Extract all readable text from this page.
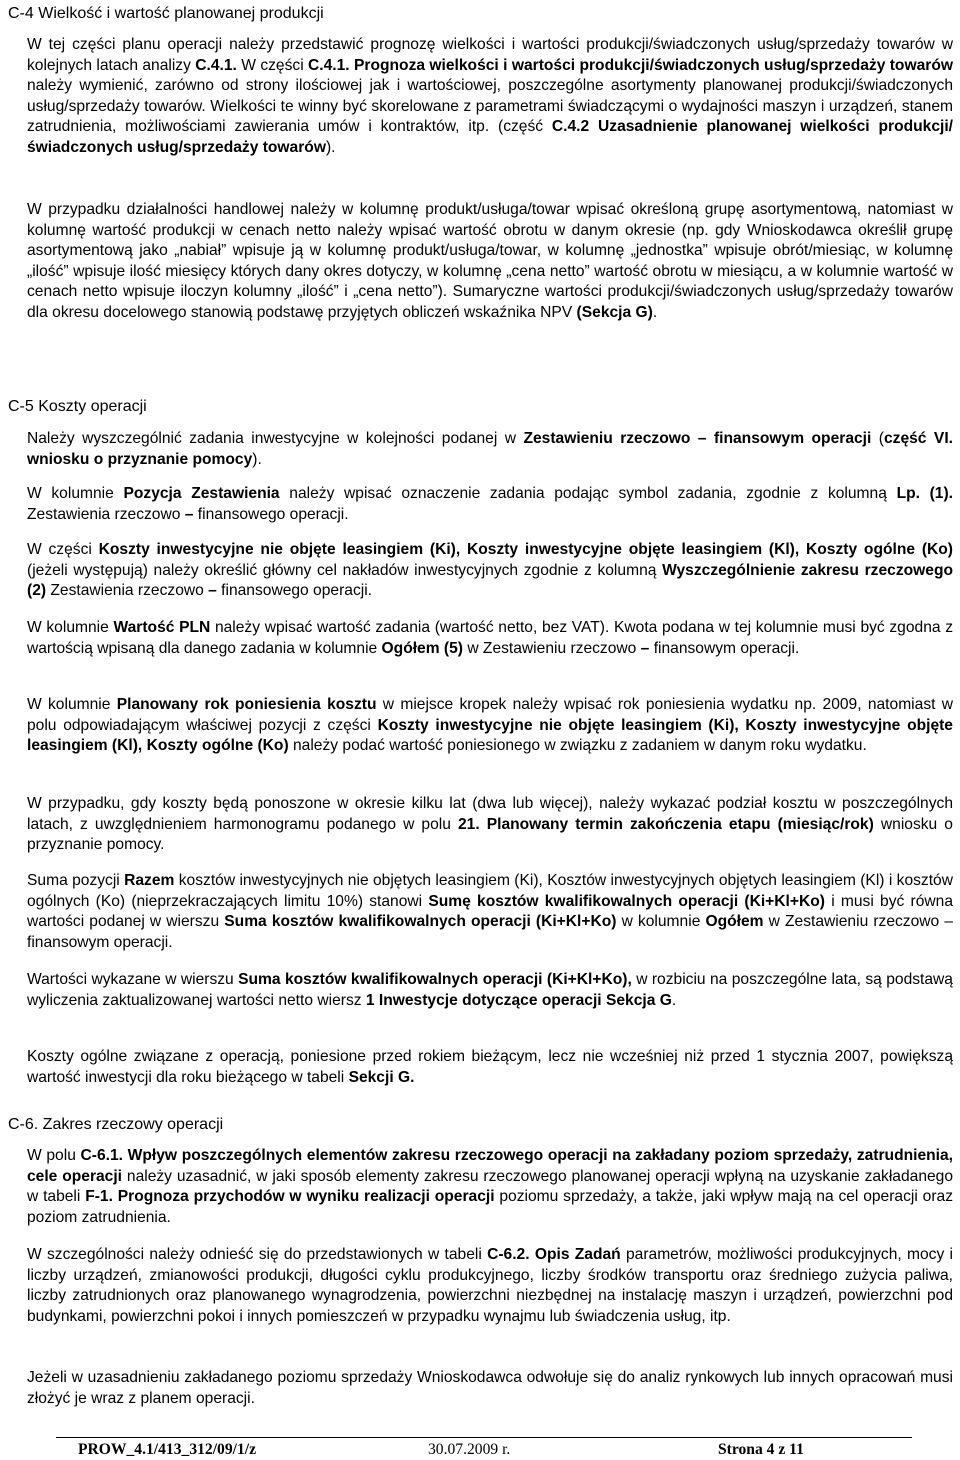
C-4 Wielkość i wartość planowanej produkcji

W tej części planu operacji należy przedstawić prognozę wielkości i wartości produkcji/świadczonych usług/sprzedaży towarów w kolejnych latach analizy C.4.1. W części C.4.1. Prognoza wielkości i wartości produkcji/świadczonych usług/sprzedaży towarów należy wymienić, zarówno od strony ilościowej jak i wartościowej, poszczególne asortymenty planowanej produkcji/świadczonych usług/sprzedaży towarów. Wielkości te winny być skorelowane z parametrami świadczącymi o wydajności maszyn i urządzeń, stanem zatrudnienia, możliwościami zawierania umów i kontraktów, itp. (część C.4.2 Uzasadnienie planowanej wielkości produkcji/świadczonych usług/sprzedaży towarów).

W przypadku działalności handlowej należy w kolumnę produkt/usługa/towar wpisać określoną grupę asortymentową, natomiast w kolumnę wartość produkcji w cenach netto należy wpisać wartość obrotu w danym okresie (np. gdy Wnioskodawca określił grupę asortymentową jako „nabiał” wpisuje ją w kolumnę produkt/usługa/towar, w kolumnę „jednostka” wpisuje obrót/miesiąc, w kolumnę „ilość” wpisuje ilość miesięcy których dany okres dotyczy, w kolumnę „cena netto” wartość obrotu w miesiącu, a w kolumnie wartość w cenach netto wpisuje iloczyn kolumny „ilość” i „cena netto”). Sumaryczne wartości produkcji/świadczonych usług/sprzedaży towarów dla okresu docelowego stanowią podstawę przyjętych obliczeń wskaźnika NPV (Sekcja G).

C-5 Koszty operacji

Należy wyszczególnić zadania inwestycyjne w kolejności podanej w Zestawieniu rzeczowo – finansowym operacji (część VI. wniosku o przyznanie pomocy).

W kolumnie Pozycja Zestawienia należy wpisać oznaczenie zadania podając symbol zadania, zgodnie z kolumną Lp. (1). Zestawienia rzeczowo – finansowego operacji.

W części Koszty inwestycyjne nie objęte leasingiem (Ki), Koszty inwestycyjne objęte leasingiem (Kl), Koszty ogólne (Ko) (jeżeli występują) należy określić główny cel nakładów inwestycyjnych zgodnie z kolumną Wyszczególnienie zakresu rzeczowego (2) Zestawienia rzeczowo – finansowego operacji.

W kolumnie Wartość PLN należy wpisać wartość zadania (wartość netto, bez VAT). Kwota podana w tej kolumnie musi być zgodna z wartością wpisaną dla danego zadania w kolumnie Ogółem (5) w Zestawieniu rzeczowo – finansowym operacji.

W kolumnie Planowany rok poniesienia kosztu w miejsce kropek należy wpisać rok poniesienia wydatku np. 2009, natomiast w polu odpowiadającym właściwej pozycji z części Koszty inwestycyjne nie objęte leasingiem (Ki), Koszty inwestycyjne objęte leasingiem (Kl), Koszty ogólne (Ko) należy podać wartość poniesionego w związku z zadaniem w danym roku wydatku.

W przypadku, gdy koszty będą ponoszone w okresie kilku lat (dwa lub więcej), należy wykazać podział kosztu w poszczególnych latach, z uwzględnieniem harmonogramu podanego w polu 21. Planowany termin zakończenia etapu (miesiąc/rok) wniosku o przyznanie pomocy.

Suma pozycji Razem kosztów inwestycyjnych nie objętych leasingiem (Ki), Kosztów inwestycyjnych objętych leasingiem (Kl) i kosztów ogólnych (Ko) (nieprzekraczających limitu 10%) stanowi Sumę kosztów kwalifikowalnych operacji (Ki+Kl+Ko) i musi być równa wartości podanej w wierszu Suma kosztów kwalifikowalnych operacji (Ki+Kl+Ko) w kolumnie Ogółem w Zestawieniu rzeczowo – finansowym operacji.

Wartości wykazane w wierszu Suma kosztów kwalifikowalnych operacji (Ki+Kl+Ko), w rozbiciu na poszczególne lata, są podstawą wyliczenia zaktualizowanej wartości netto wiersz 1 Inwestycje dotyczące operacji Sekcja G.

Koszty ogólne związane z operacją, poniesione przed rokiem bieżącym, lecz nie wcześniej niż przed 1 stycznia 2007, powiększą wartość inwestycji dla roku bieżącego w tabeli Sekcji G.

C-6. Zakres rzeczowy operacji

W polu C-6.1. Wpływ poszczególnych elementów zakresu rzeczowego operacji na zakładany poziom sprzedaży, zatrudnienia, cele operacji należy uzasadnić, w jaki sposób elementy zakresu rzeczowego planowanej operacji wpłyną na uzyskanie zakładanego w tabeli F-1. Prognoza przychodów w wyniku realizacji operacji poziomu sprzedaży, a także, jaki wpływ mają na cel operacji oraz poziom zatrudnienia.

W szczególności należy odnieść się do przedstawionych w tabeli C-6.2. Opis Zadań parametrów, możliwości produkcyjnych, mocy i liczby urządzeń, zmianowości produkcji, długości cyklu produkcyjnego, liczby środków transportu oraz średniego zużycia paliwa, liczby zatrudnionych oraz planowanego wynagrodzenia, powierzchni niezbędnej na instalację maszyn i urządzeń, powierzchni pod budynkami, powierzchni pokoi i innych pomieszczeń w przypadku wynajmu lub świadczenia usług, itp.

Jeżeli w uzasadnieniu zakładanego poziomu sprzedaży Wnioskodawca odwołuje się do analiz rynkowych lub innych opracowań musi złożyć je wraz z planem operacji.

PROW_4.1/413_312/09/1/z	30.07.2009 r.	Strona 4 z 11
